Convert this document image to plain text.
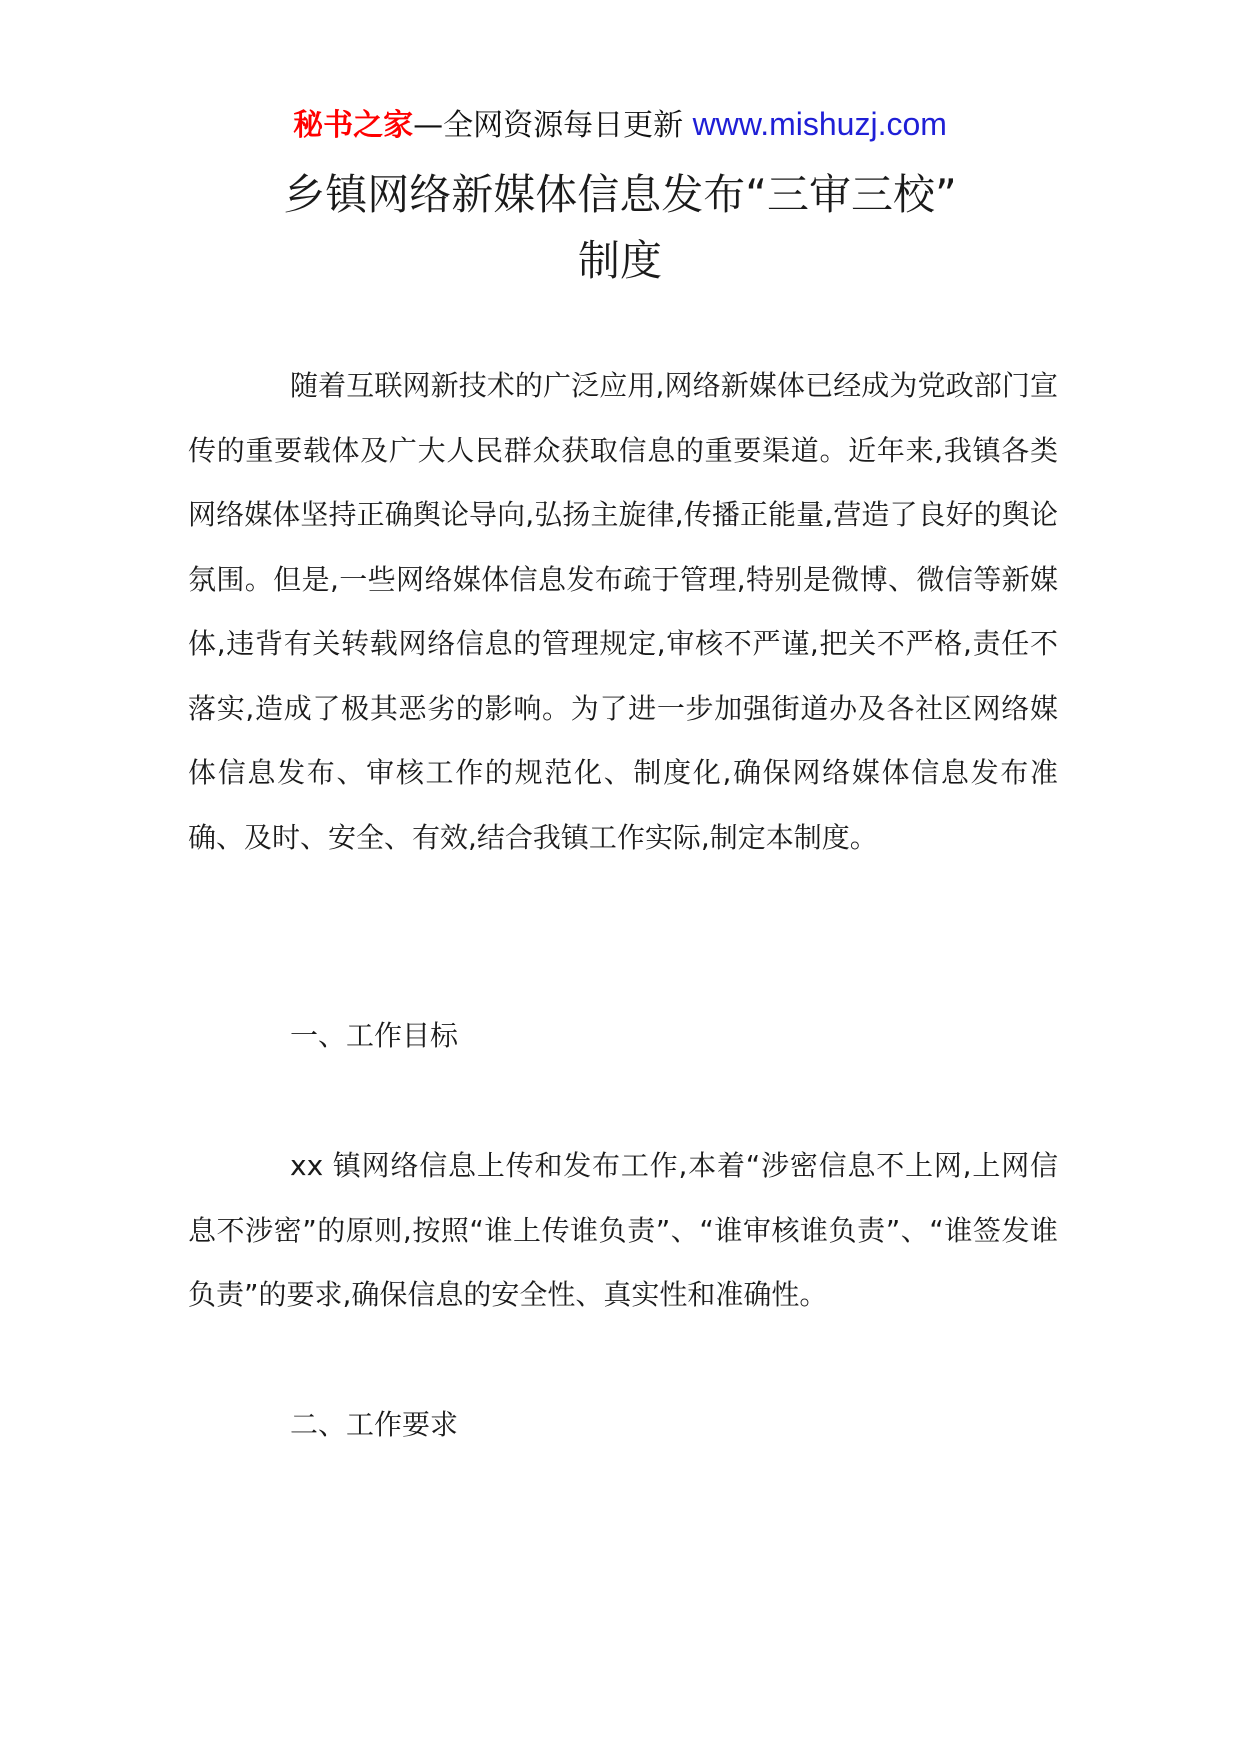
秘书之家—全网资源每日更新 www.mishuzj.com
乡镇网络新媒体信息发布“三审三校”
制度

随着互联网新技术的广泛应用,网络新媒体已经成为党政部门宣传的重要载体及广大人民群众获取信息的重要渠道。近年来,我镇各类网络媒体坚持正确舆论导向,弘扬主旋律,传播正能量,营造了良好的舆论氛围。但是,一些网络媒体信息发布疏于管理,特别是微博、微信等新媒体,违背有关转载网络信息的管理规定,审核不严谨,把关不严格,责任不落实,造成了极其恶劣的影响。为了进一步加强街道办及各社区网络媒体信息发布、审核工作的规范化、制度化,确保网络媒体信息发布准确、及时、安全、有效,结合我镇工作实际,制定本制度。

一、工作目标

xx 镇网络信息上传和发布工作,本着“涉密信息不上网,上网信息不涉密”的原则,按照“谁上传谁负责”、“谁审核谁负责”、“谁签发谁负责”的要求,确保信息的安全性、真实性和准确性。

二、工作要求
